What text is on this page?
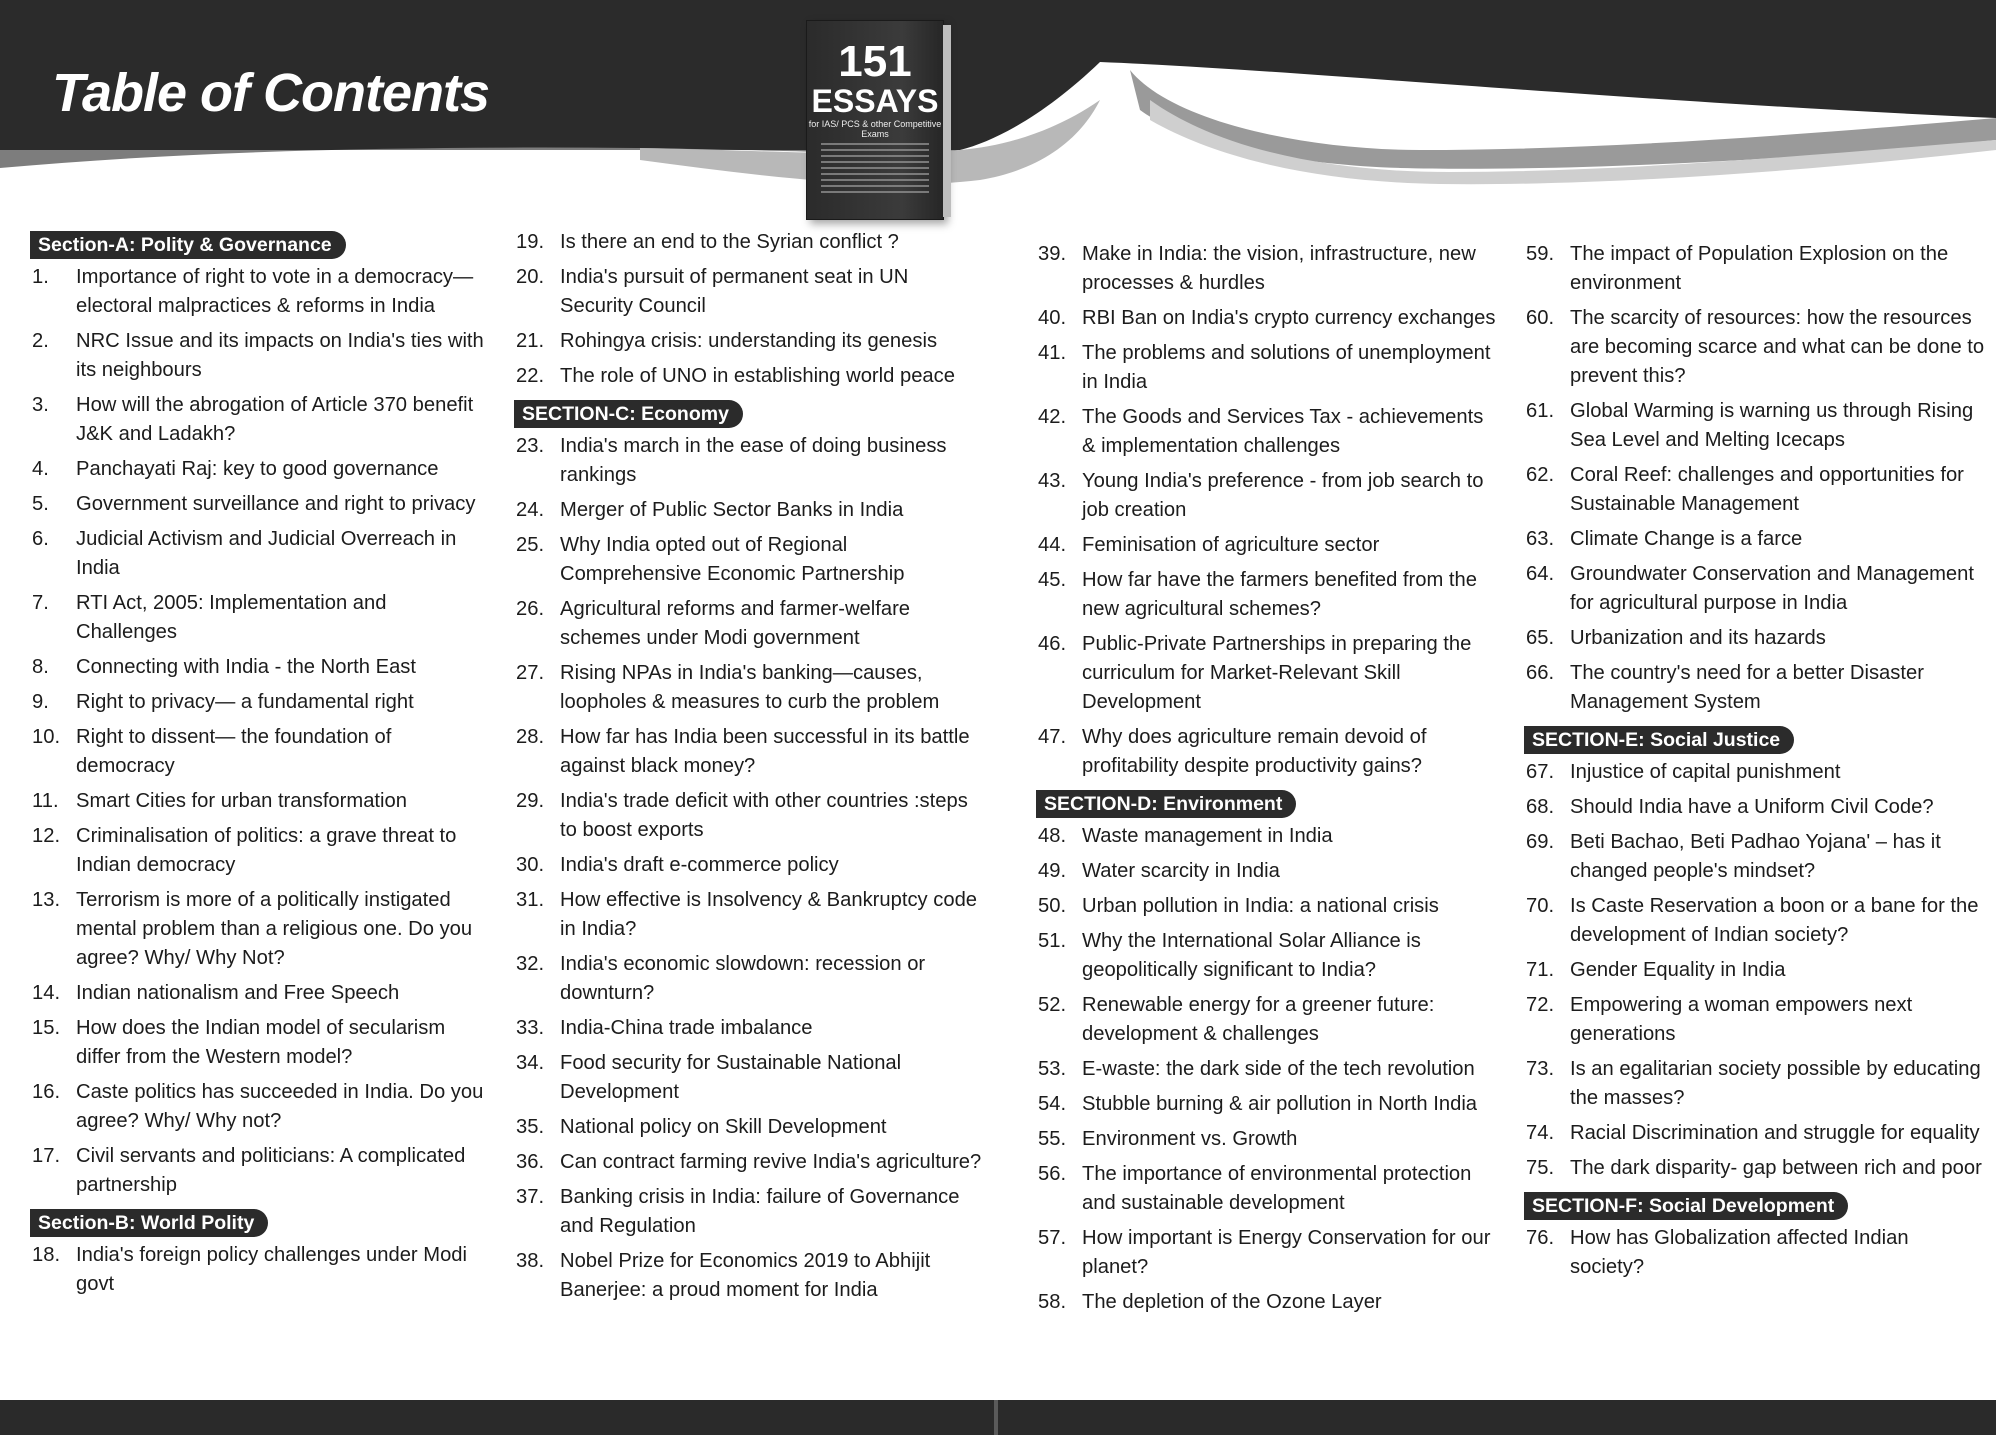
Table of Contents
151
ESSAYS
for IAS/ PCS & other Competitive Exams
Section-A: Polity & Governance
1.	Importance of right to vote in a democracy— electoral malpractices & reforms in India
2.	NRC Issue and its impacts on India's ties with its neighbours
3.	How will the abrogation of Article 370 benefit J&K and Ladakh?
4.	Panchayati Raj: key to good governance
5.	Government surveillance and right to privacy
6.	Judicial Activism and Judicial Overreach in India
7.	RTI Act, 2005: Implementation and Challenges
8.	Connecting with India - the North East
9.	Right to privacy— a fundamental right
10. Right to dissent— the foundation of democracy
11. Smart Cities for urban transformation
12. Criminalisation of politics: a grave threat to Indian democracy
13. Terrorism is more of a politically instigated mental problem than a religious one. Do you agree? Why/ Why Not?
14. Indian nationalism and Free Speech
15. How does the Indian model of secularism differ from the Western model?
16. Caste politics has succeeded in India. Do you agree? Why/ Why not?
17. Civil servants and politicians: A complicated partnership
Section-B: World Polity
18. India's foreign policy challenges under Modi govt
19. Is there an end to the Syrian conflict ?
20. India's pursuit of permanent seat in UN Security Council
21. Rohingya crisis: understanding its genesis
22. The role of UNO in establishing world peace
SECTION-C: Economy
23. India's march in the ease of doing business rankings
24. Merger of Public Sector Banks in India
25. Why India opted out of Regional Comprehensive Economic Partnership
26. Agricultural reforms and farmer-welfare schemes under Modi government
27. Rising NPAs in India's banking—causes, loopholes & measures to curb the problem
28. How far has India been successful in its battle against black money?
29. India's trade deficit with other countries :steps to boost exports
30. India's draft e-commerce policy
31. How effective is Insolvency & Bankruptcy code in India?
32. India's economic slowdown: recession or downturn?
33. India-China trade imbalance
34. Food security for Sustainable National Development
35. National policy on Skill Development
36. Can contract farming revive India's agriculture?
37. Banking crisis in India: failure of Governance and Regulation
38. Nobel Prize for Economics 2019 to Abhijit Banerjee: a proud moment for India
39. Make in India: the vision, infrastructure, new processes & hurdles
40. RBI Ban on India's crypto currency exchanges
41. The problems and solutions of unemployment in India
42. The Goods and Services Tax - achievements & implementation challenges
43. Young India's preference - from job search to job creation
44. Feminisation of agriculture sector
45. How far have the farmers benefited from the new agricultural schemes?
46. Public-Private Partnerships in preparing the curriculum for Market-Relevant Skill Development
47. Why does agriculture remain devoid of profitability despite productivity gains?
SECTION-D: Environment
48. Waste management in India
49. Water scarcity in India
50. Urban pollution in India: a national crisis
51. Why the International Solar Alliance is geopolitically significant to India?
52. Renewable energy for a greener future: development & challenges
53. E-waste: the dark side of the tech revolution
54. Stubble burning & air pollution in North India
55. Environment vs. Growth
56. The importance of environmental protection and sustainable development
57. How important is Energy Conservation for our planet?
58. The depletion of the Ozone Layer
59. The impact of Population Explosion on the environment
60. The scarcity of resources: how the resources are becoming scarce and what can be done to prevent this?
61. Global Warming is warning us through Rising Sea Level and Melting Icecaps
62. Coral Reef: challenges and opportunities for Sustainable Management
63. Climate Change is a farce
64. Groundwater Conservation and Management for agricultural purpose in India
65. Urbanization and its hazards
66. The country's need for a better Disaster Management System
SECTION-E: Social Justice
67. Injustice of capital punishment
68. Should India have a Uniform Civil Code?
69. Beti Bachao, Beti Padhao Yojana' – has it changed people's mindset?
70. Is Caste Reservation a boon or a bane for the development of Indian society?
71. Gender Equality in India
72. Empowering a woman empowers next generations
73. Is an egalitarian society possible by educating the masses?
74. Racial Discrimination and struggle for equality
75. The dark disparity- gap between rich and poor
SECTION-F: Social Development
76. How has Globalization affected Indian society?
